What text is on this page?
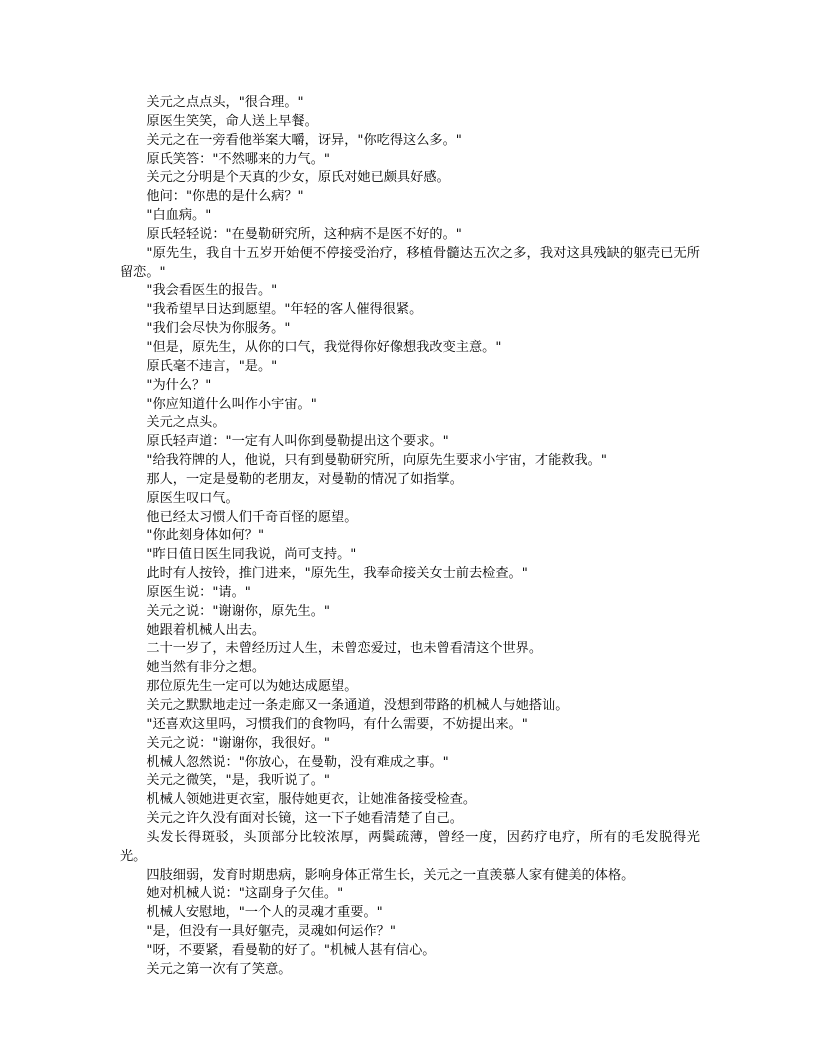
关元之点点头，"很合理。"

原医生笑笑，命人送上早餐。

关元之在一旁看他举案大嚼，讶异，"你吃得这么多。"

原氏笑答："不然哪来的力气。"

关元之分明是个天真的少女，原氏对她已颇具好感。

他问："你患的是什么病？"

"白血病。"

原氏轻轻说："在曼勒研究所，这种病不是医不好的。"

"原先生，我自十五岁开始便不停接受治疗，移植骨髓达五次之多，我对这具残缺的躯壳已无所留恋。"

"我会看医生的报告。"

"我希望早日达到愿望。"年轻的客人催得很紧。

"我们会尽快为你服务。"

"但是，原先生，从你的口气，我觉得你好像想我改变主意。"

原氏毫不违言，"是。"

"为什么？"

"你应知道什么叫作小宇宙。"

关元之点头。

原氏轻声道："一定有人叫你到曼勒提出这个要求。"

"给我符牌的人，他说，只有到曼勒研究所，向原先生要求小宇宙，才能救我。"

那人，一定是曼勒的老朋友，对曼勒的情况了如指掌。

原医生叹口气。

他已经太习惯人们千奇百怪的愿望。

"你此刻身体如何？"

"昨日值日医生同我说，尚可支持。"

此时有人按铃，推门进来，"原先生，我奉命接关女士前去检查。"

原医生说："请。"

关元之说："谢谢你，原先生。"

她跟着机械人出去。

二十一岁了，未曾经历过人生，未曾恋爱过，也未曾看清这个世界。

她当然有非分之想。

那位原先生一定可以为她达成愿望。

关元之默默地走过一条走廊又一条通道，没想到带路的机械人与她搭讪。

"还喜欢这里吗，习惯我们的食物吗，有什么需要，不妨提出来。"

关元之说："谢谢你，我很好。"

机械人忽然说："你放心，在曼勒，没有难成之事。"

关元之微笑，"是，我听说了。"

机械人领她进更衣室，服侍她更衣，让她准备接受检查。

关元之许久没有面对长镜，这一下子她看清楚了自己。

头发长得斑驳，头顶部分比较浓厚，两鬓疏薄，曾经一度，因药疗电疗，所有的毛发脱得光光。

四肢细弱，发育时期患病，影响身体正常生长，关元之一直羡慕人家有健美的体格。

她对机械人说："这副身子欠佳。"

机械人安慰地，"一个人的灵魂才重要。"

"是，但没有一具好躯壳，灵魂如何运作？"

"呀，不要紧，看曼勒的好了。"机械人甚有信心。

关元之第一次有了笑意。
